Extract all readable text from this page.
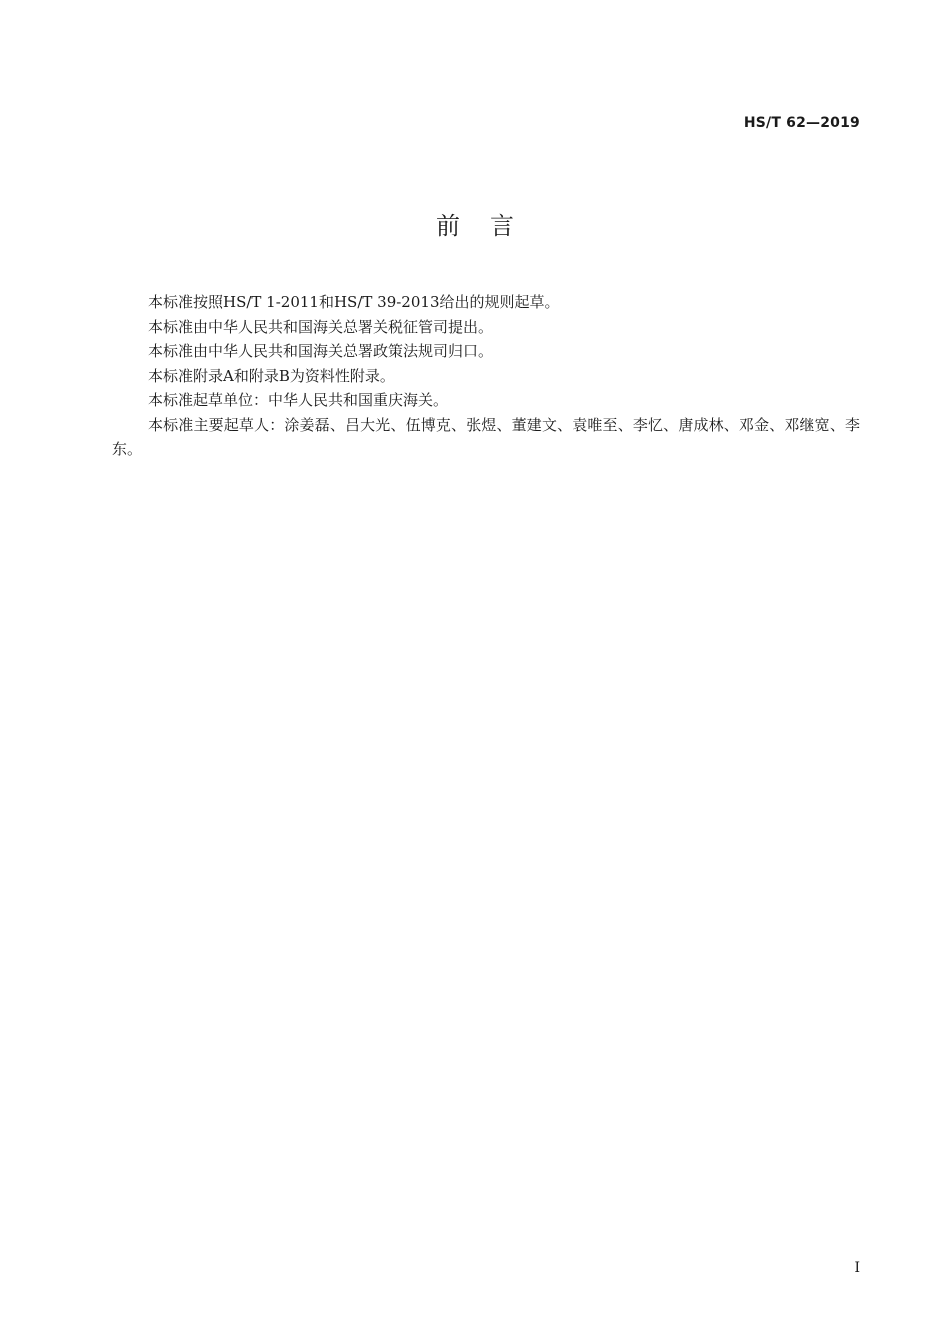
HS/T 62—2019
前言

本标准按照HS/T 1-2011和HS/T 39-2013给出的规则起草。

本标准由中华人民共和国海关总署关税征管司提出。

本标准由中华人民共和国海关总署政策法规司归口。

本标准附录A和附录B为资料性附录。

本标准起草单位：中华人民共和国重庆海关。

本标准主要起草人：涂姜磊、吕大光、伍博克、张煜、董建文、袁唯至、李忆、唐成林、邓金、邓继宽、李东。

I
